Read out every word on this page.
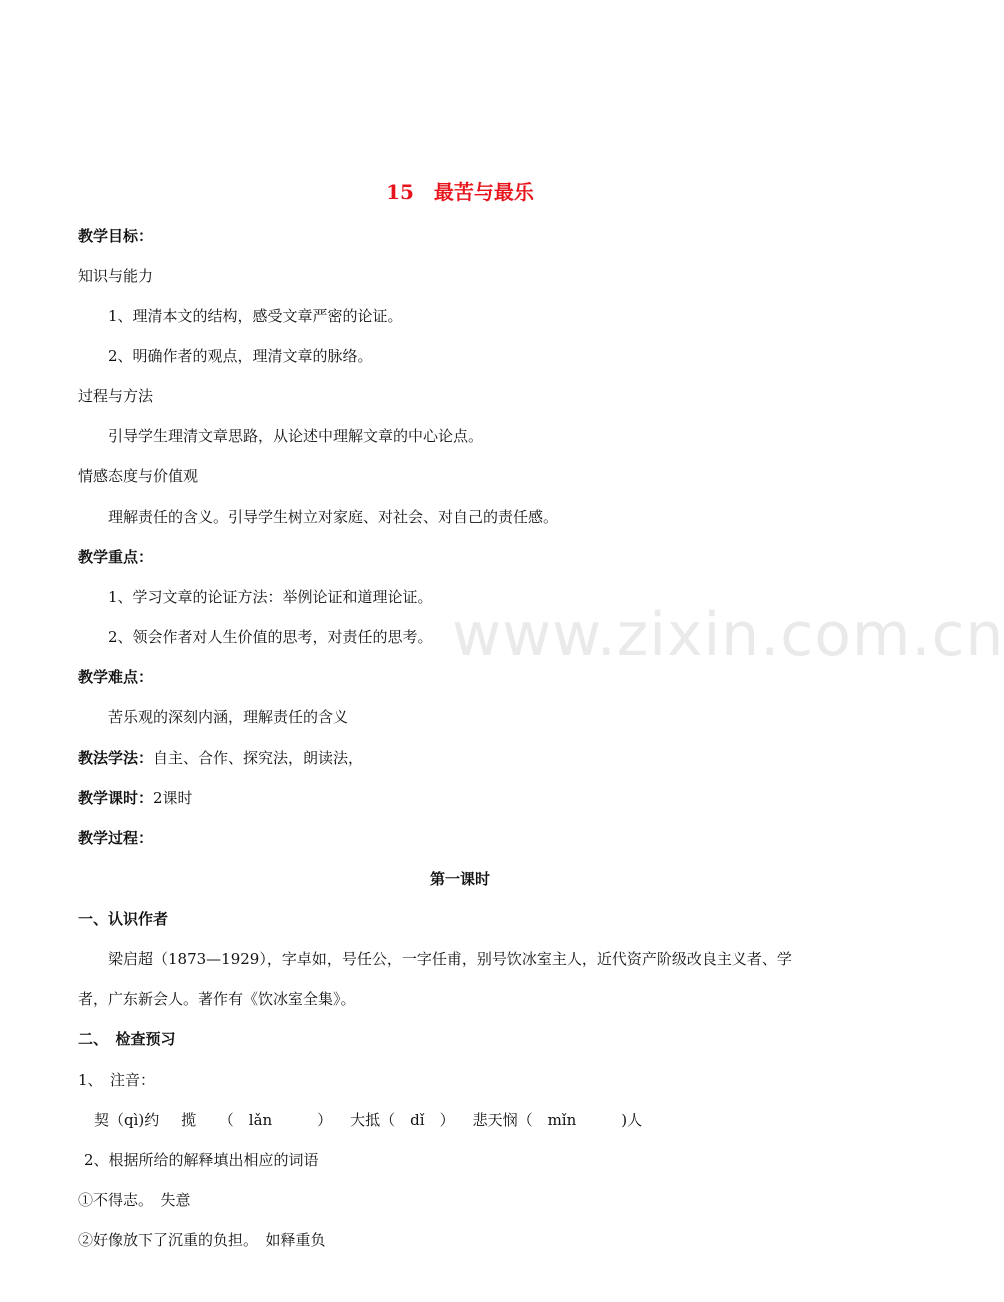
www.zixin.com.cn
15　最苦与最乐
教学目标：
知识与能力
1、理清本文的结构，感受文章严密的论证。
2、明确作者的观点，理清文章的脉络。
过程与方法
引导学生理清文章思路，从论述中理解文章的中心论点。
情感态度与价值观
理解责任的含义。引导学生树立对家庭、对社会、对自己的责任感。
教学重点：
1、学习文章的论证方法：举例论证和道理论证。
2、领会作者对人生价值的思考，对责任的思考。
教学难点：
苦乐观的深刻内涵，理解责任的含义
教法学法：自主、合作、探究法，朗读法，
教学课时：2课时
教学过程：
第一课时
一、认识作者
梁启超（1873—1929），字卓如，号任公，一字任甫，别号饮冰室主人，近代资产阶级改良主义者、学
者，广东新会人。著作有《饮冰室全集》。
二、　检查预习
1、　注音：
契（qì)约 揽　　（　lǎn　　　） 大抵（　dǐ　） 悲天悯（　mǐn　　　)人
2、根据所给的解释填出相应的词语
①不得志。　失意
②好像放下了沉重的负担。　如释重负
